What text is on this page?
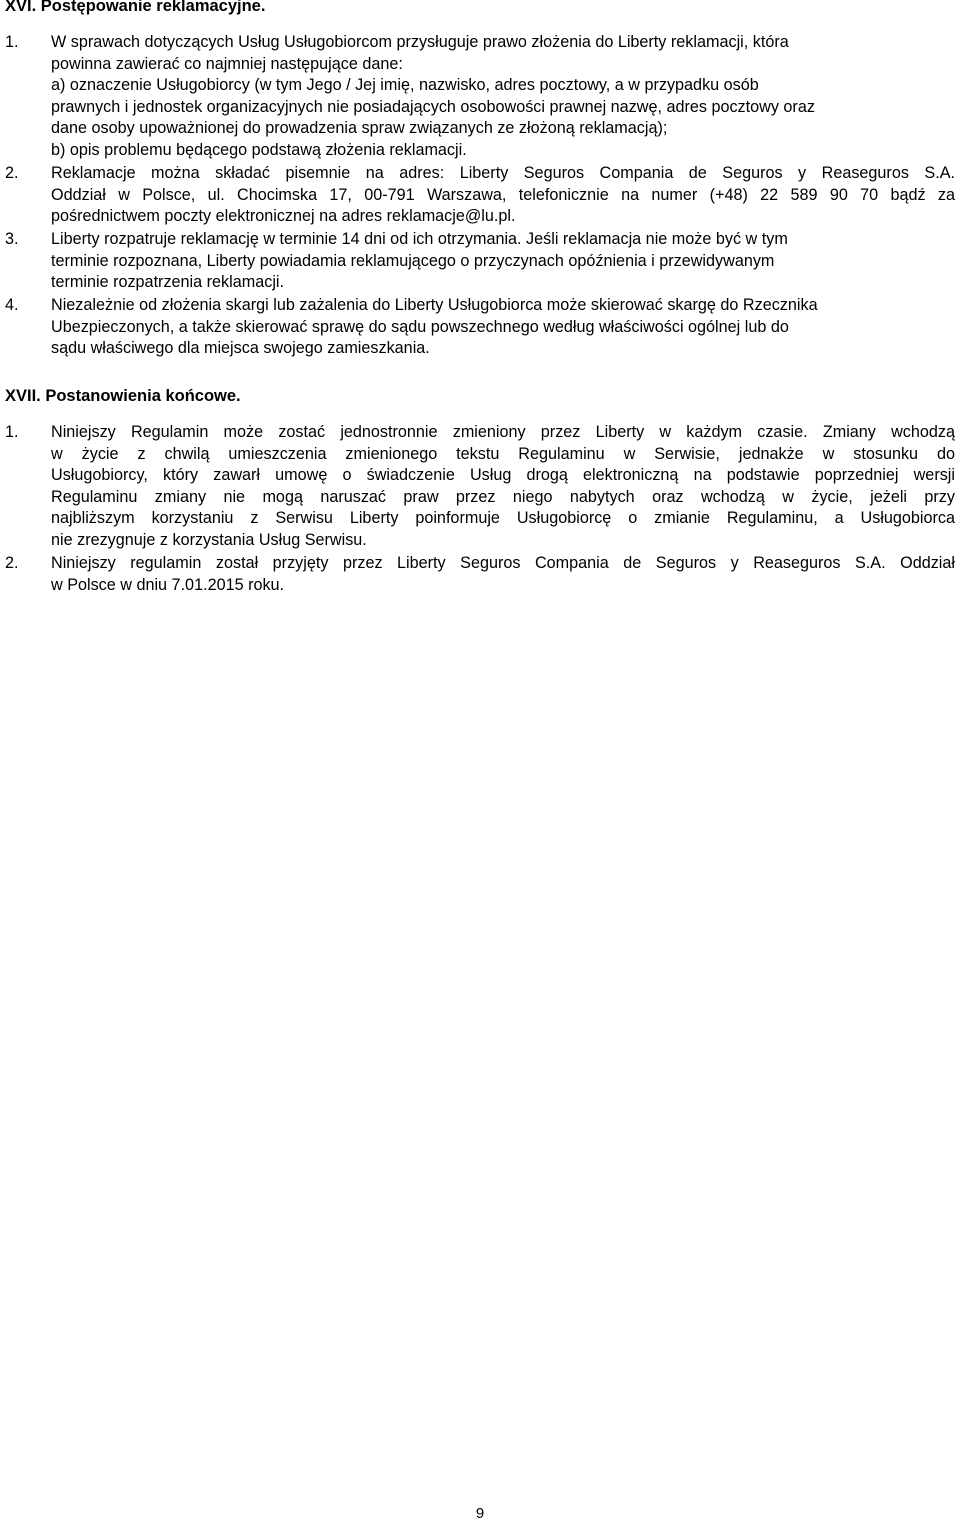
XVI. Postępowanie reklamacyjne.
1. W sprawach dotyczących Usług Usługobiorcom przysługuje prawo złożenia do Liberty reklamacji, która
powinna zawierać co najmniej następujące dane:
a) oznaczenie Usługobiorcy (w tym Jego / Jej imię, nazwisko, adres pocztowy, a w przypadku osób
prawnych i jednostek organizacyjnych nie posiadających osobowości prawnej nazwę, adres pocztowy oraz
dane osoby upoważnionej do prowadzenia spraw związanych ze złożoną reklamacją);
b) opis problemu będącego podstawą złożenia reklamacji.
2. Reklamacje można składać pisemnie na adres: Liberty Seguros Compania de Seguros y Reaseguros S.A.
Oddział w Polsce, ul. Chocimska 17, 00-791 Warszawa, telefonicznie na numer (+48) 22 589 90 70 bądź za
pośrednictwem poczty elektronicznej na adres reklamacje@lu.pl.
3. Liberty rozpatruje reklamację w terminie 14 dni od ich otrzymania. Jeśli reklamacja nie może być w tym
terminie rozpoznana, Liberty powiadamia reklamującego o przyczynach opóźnienia i przewidywanym
terminie rozpatrzenia reklamacji.
4. Niezależnie od złożenia skargi lub zażalenia do Liberty Usługobiorca może skierować skargę do Rzecznika
Ubezpieczonych, a także skierować sprawę do sądu powszechnego według właściwości ogólnej lub do
sądu właściwego dla miejsca swojego zamieszkania.
XVII. Postanowienia końcowe.
1. Niniejszy Regulamin może zostać jednostronnie zmieniony przez Liberty w każdym czasie. Zmiany wchodzą
w życie z chwilą umieszczenia zmienionego tekstu Regulaminu w Serwisie, jednakże w stosunku do
Usługobiorcy, który zawarł umowę o świadczenie Usług drogą elektroniczną na podstawie poprzedniej wersji
Regulaminu zmiany nie mogą naruszać praw przez niego nabytych oraz wchodzą w życie, jeżeli przy
najbliższym korzystaniu z Serwisu Liberty poinformuje Usługobiorcę o zmianie Regulaminu, a Usługobiorca
nie zrezygnuje z korzystania Usług Serwisu.
2. Niniejszy regulamin został przyjęty przez Liberty Seguros Compania de Seguros y Reaseguros S.A. Oddział
w Polsce w dniu 7.01.2015 roku.
9
